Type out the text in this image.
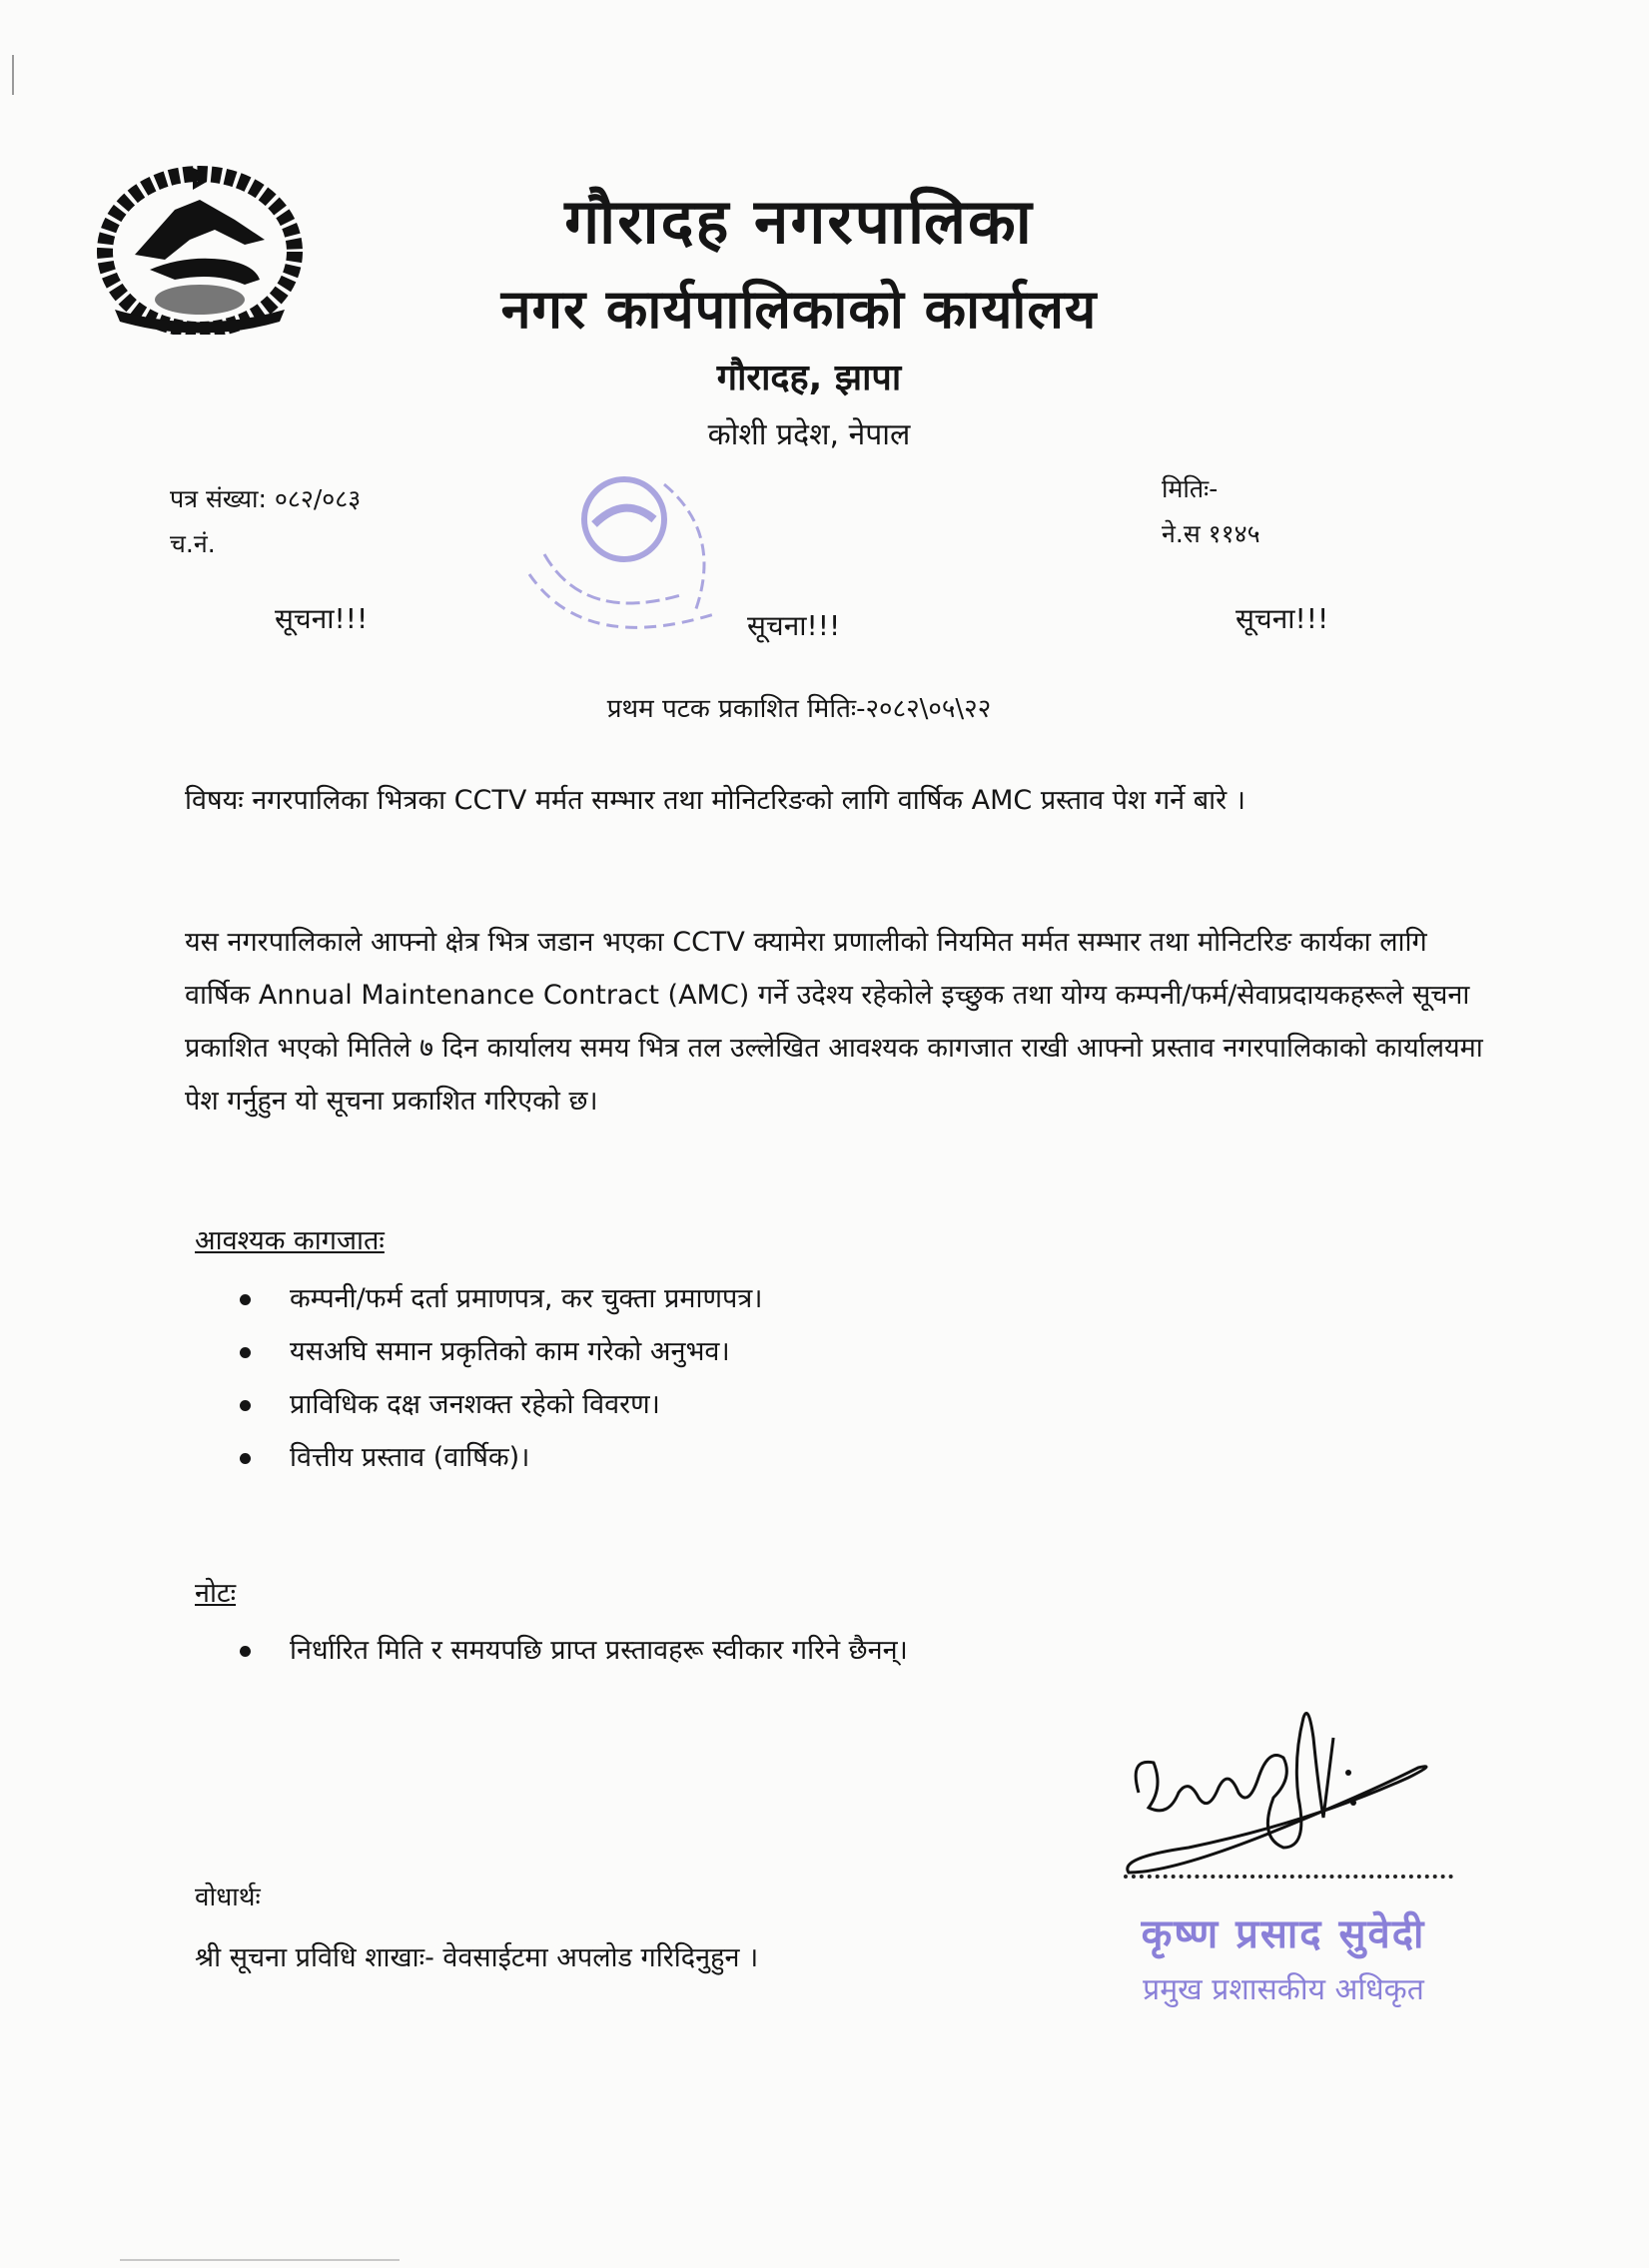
गौरादह नगरपालिका
नगर कार्यपालिकाको कार्यालय
गौरादह, झापा
कोशी प्रदेश, नेपाल
पत्र संख्या: ०८२/०८३
च.नं.
मितिः-
ने.स ११४५
सूचना!!!	सूचना!!!	सूचना!!!
प्रथम पटक प्रकाशित मितिः-२०८२\०५\२२
विषयः नगरपालिका भित्रका CCTV मर्मत सम्भार तथा मोनिटरिङको लागि वार्षिक AMC प्रस्ताव पेश गर्ने बारे ।
यस नगरपालिकाले आफ्नो क्षेत्र भित्र जडान भएका CCTV क्यामेरा प्रणालीको नियमित मर्मत सम्भार तथा मोनिटरिङ कार्यका लागि वार्षिक Annual Maintenance Contract (AMC) गर्ने उदेश्य रहेकोले इच्छुक तथा योग्य कम्पनी/फर्म/सेवाप्रदायकहरूले सूचना प्रकाशित भएको मितिले ७ दिन कार्यालय समय भित्र तल उल्लेखित आवश्यक कागजात राखी आफ्नो प्रस्ताव नगरपालिकाको कार्यालयमा पेश गर्नुहुन यो सूचना प्रकाशित गरिएको छ।
आवश्यक कागजातः
कम्पनी/फर्म दर्ता प्रमाणपत्र, कर चुक्ता प्रमाणपत्र।
यसअघि समान प्रकृतिको काम गरेको अनुभव।
प्राविधिक दक्ष जनशक्त रहेको विवरण।
वित्तीय प्रस्ताव (वार्षिक)।
नोटः
निर्धारित मिति र समयपछि प्राप्त प्रस्तावहरू स्वीकार गरिने छैनन्।
वोधार्थः
श्री सूचना प्रविधि शाखाः- वेवसाईटमा अपलोड गरिदिनुहुन ।
कृष्ण प्रसाद सुवेदी
प्रमुख प्रशासकीय अधिकृत
